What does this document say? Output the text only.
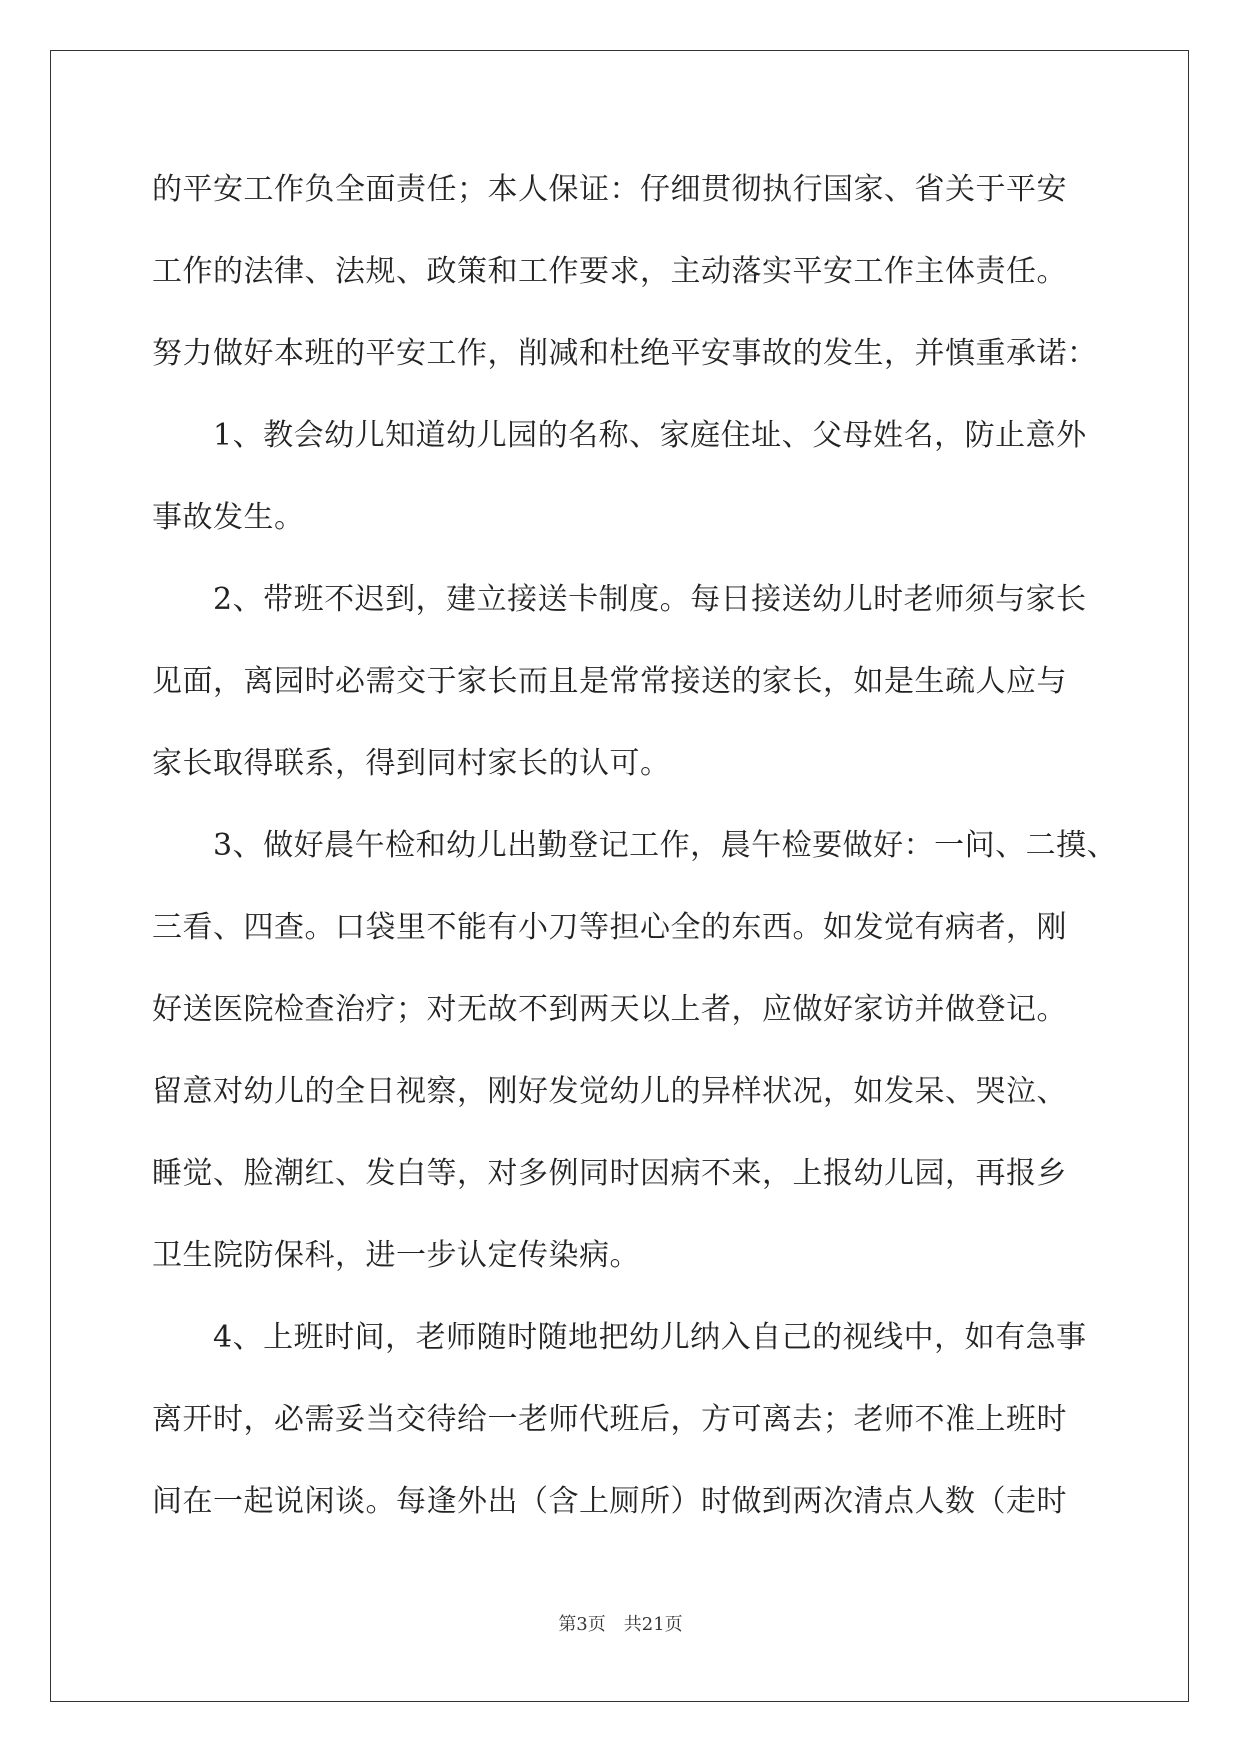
的平安工作负全面责任；本人保证：仔细贯彻执行国家、省关于平安
工作的法律、法规、政策和工作要求，主动落实平安工作主体责任。
努力做好本班的平安工作，削减和杜绝平安事故的发生，并慎重承诺：
1、教会幼儿知道幼儿园的名称、家庭住址、父母姓名，防止意外
事故发生。
2、带班不迟到，建立接送卡制度。每日接送幼儿时老师须与家长
见面，离园时必需交于家长而且是常常接送的家长，如是生疏人应与
家长取得联系，得到同村家长的认可。
3、做好晨午检和幼儿出勤登记工作，晨午检要做好：一问、二摸、
三看、四查。口袋里不能有小刀等担心全的东西。如发觉有病者，刚
好送医院检查治疗；对无故不到两天以上者，应做好家访并做登记。
留意对幼儿的全日视察，刚好发觉幼儿的异样状况，如发呆、哭泣、
睡觉、脸潮红、发白等，对多例同时因病不来，上报幼儿园，再报乡
卫生院防保科，进一步认定传染病。
4、上班时间，老师随时随地把幼儿纳入自己的视线中，如有急事
离开时，必需妥当交待给一老师代班后，方可离去；老师不准上班时
间在一起说闲谈。每逢外出（含上厕所）时做到两次清点人数（走时
第3页 共21页
